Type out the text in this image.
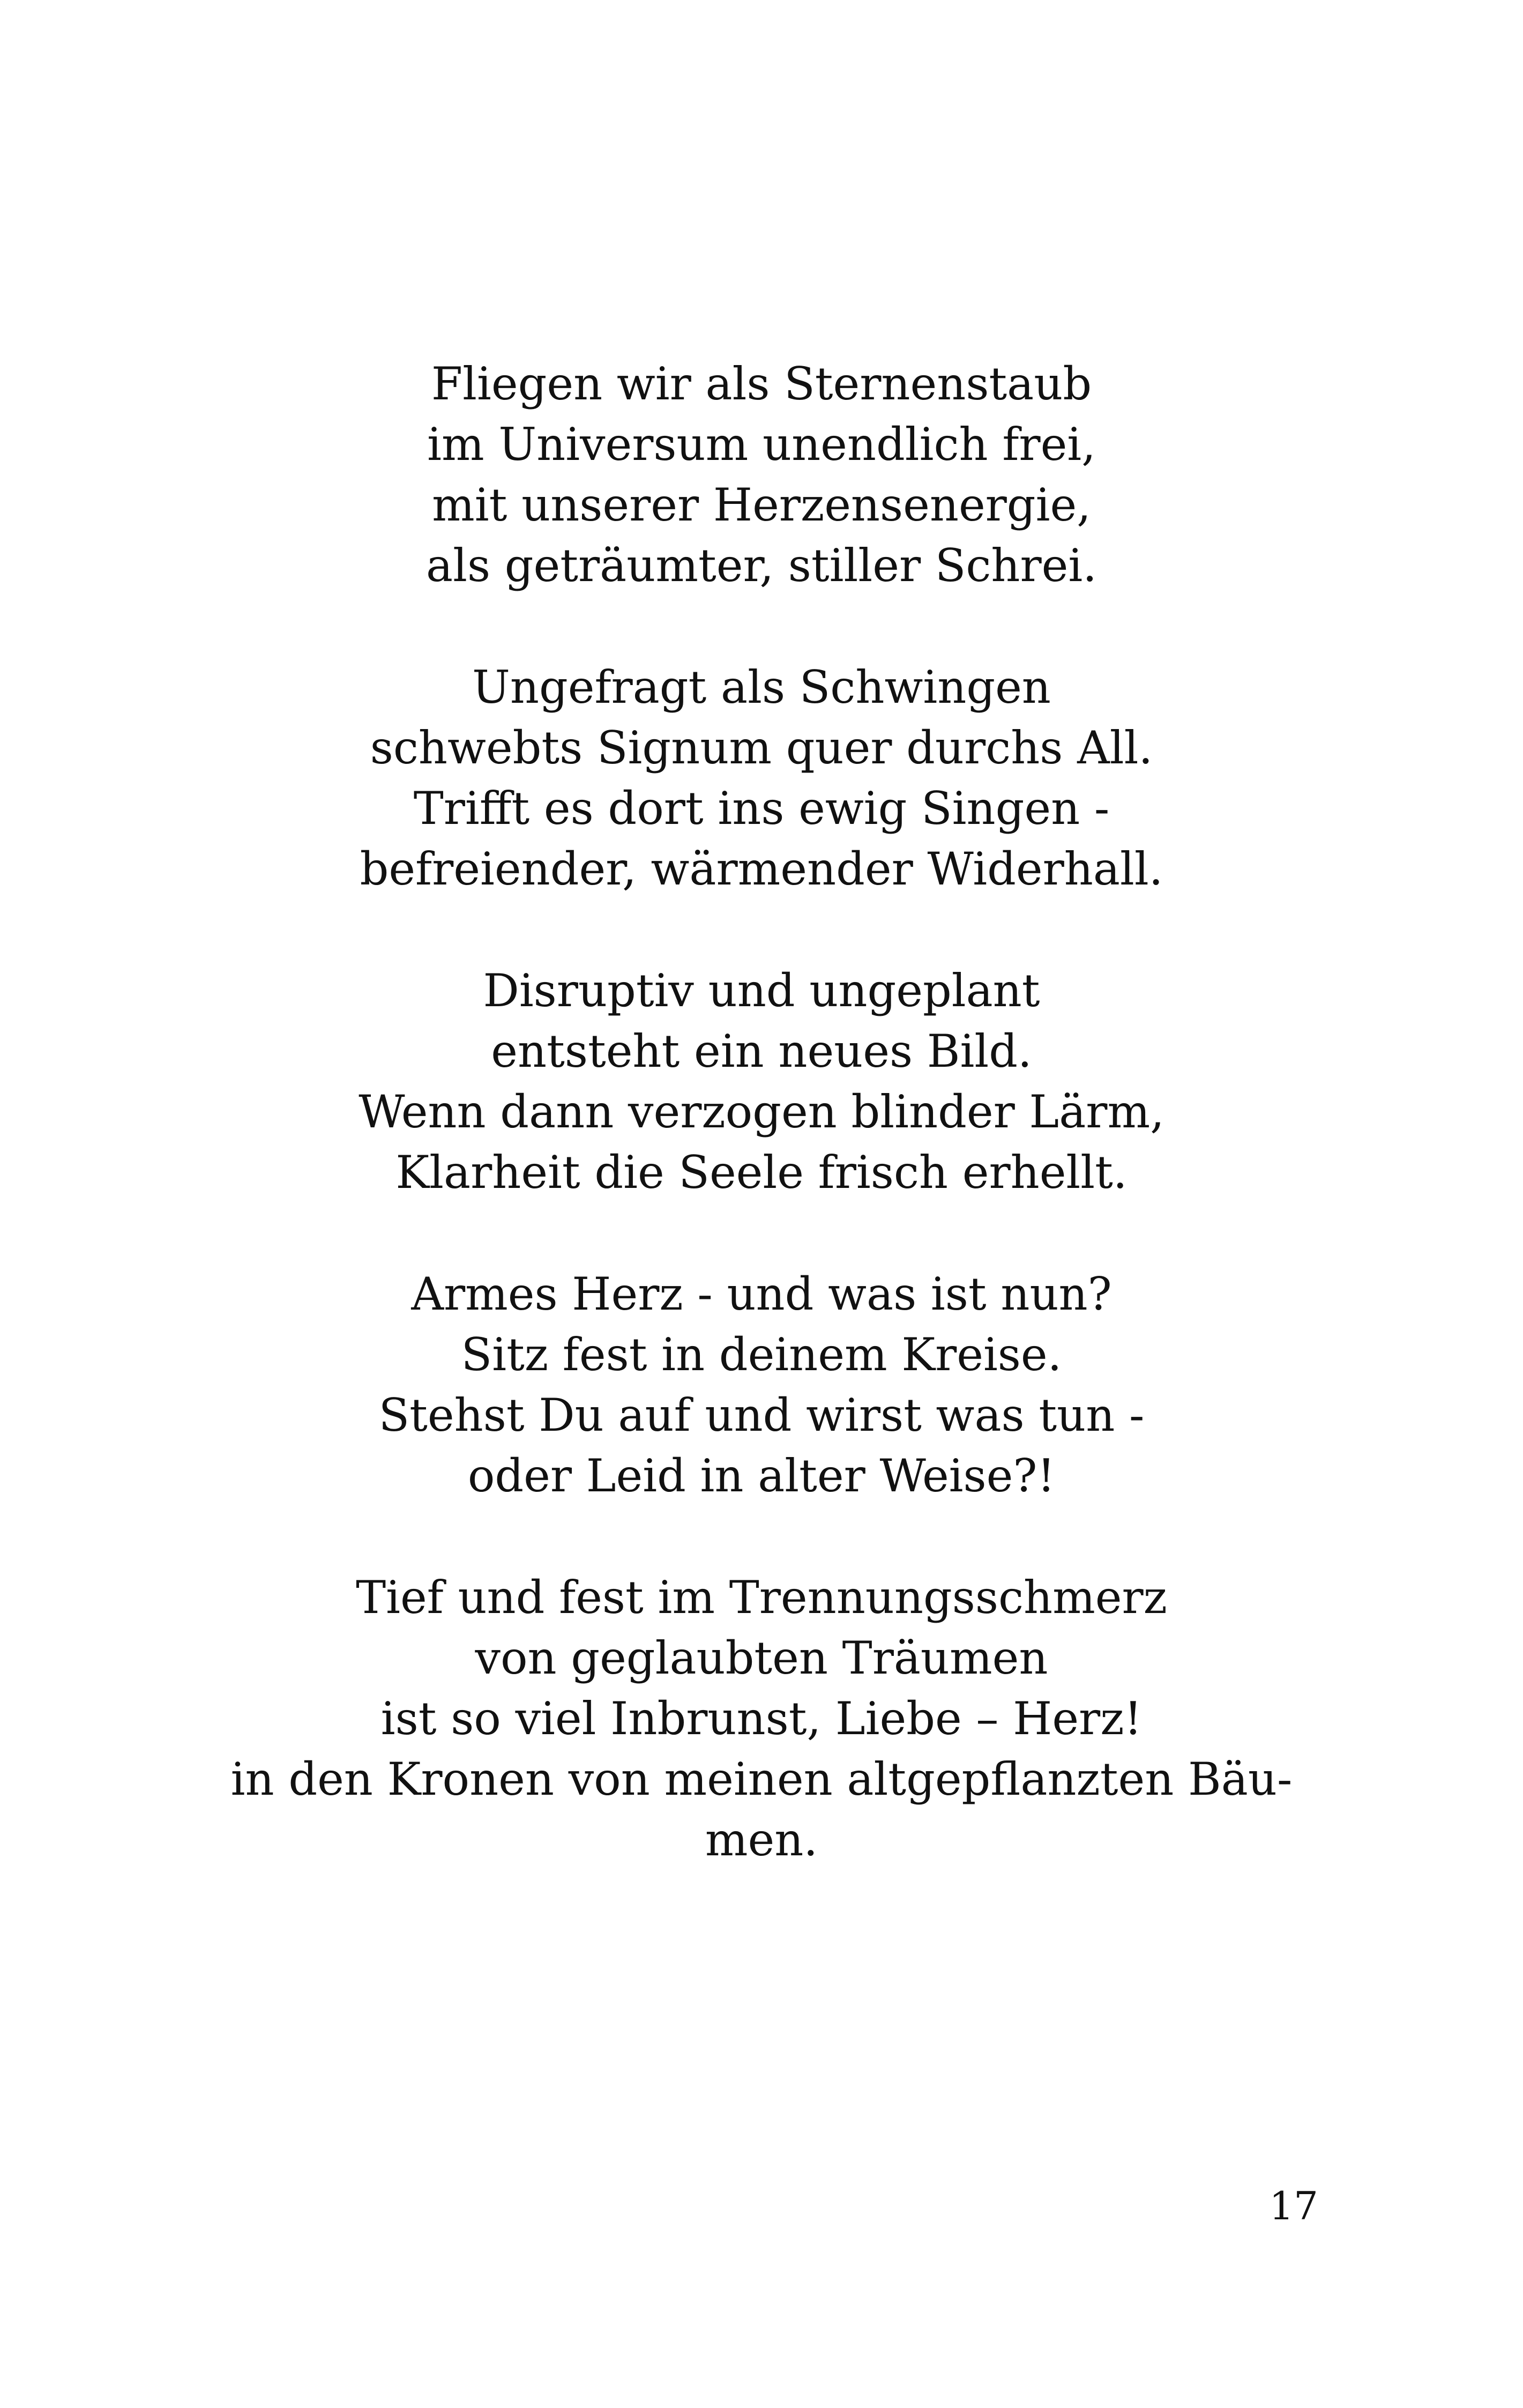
Fliegen wir als Sternenstaub
im Universum unendlich frei,
mit unserer Herzensenergie,
als geträumter, stiller Schrei.
Ungefragt als Schwingen
schwebts Signum quer durchs All.
Trifft es dort ins ewig Singen -
befreiender, wärmender Widerhall.
Disruptiv und ungeplant
entsteht ein neues Bild.
Wenn dann verzogen blinder Lärm,
Klarheit die Seele frisch erhellt.
Armes Herz - und was ist nun?
Sitz fest in deinem Kreise.
Stehst Du auf und wirst was tun -
oder Leid in alter Weise?!
Tief und fest im Trennungsschmerz
von geglaubten Träumen
ist so viel Inbrunst, Liebe – Herz!
in den Kronen von meinen altgepflanzten Bäu-
men.
17
